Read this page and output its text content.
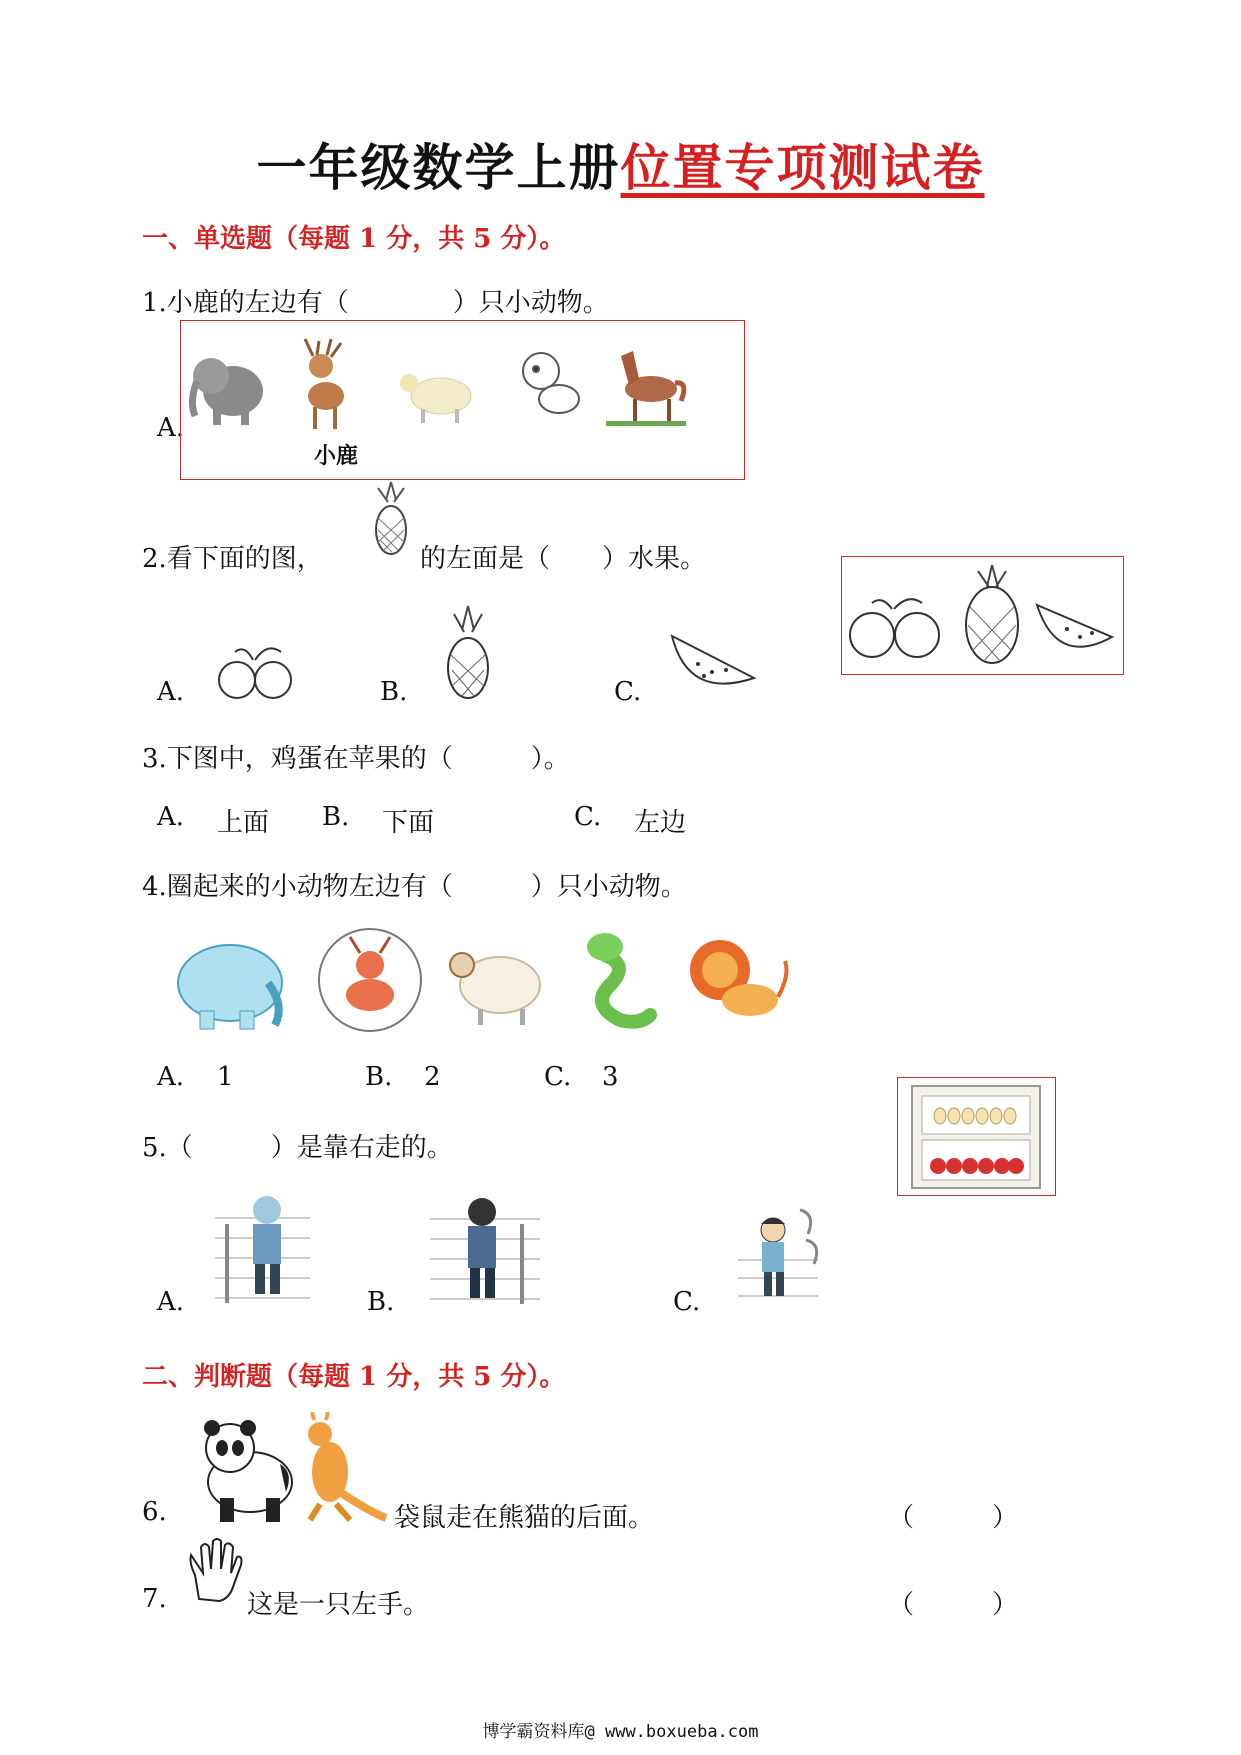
一年级数学上册位置专项测试卷
一、单选题（每题 1 分，共 5 分）。
1.小鹿的左边有（　　　　）只小动物。
A.
小鹿
2.看下面的图，	的左面是（　　）水果。
A.	B.	C.
3.下图中，鸡蛋在苹果的（　　　）。
A. 上面 B. 下面	C. 左边
4.圈起来的小动物左边有（　　　）只小动物。
A. 1	B. 2	C. 3
5.（　　　）是靠右走的。
A.	B.	C.
二、判断题（每题 1 分，共 5 分）。
6.	袋鼠走在熊猫的后面。	（　　　）
7.	这是一只左手。	（　　　）
博学霸资料库@ www.boxueba.com
